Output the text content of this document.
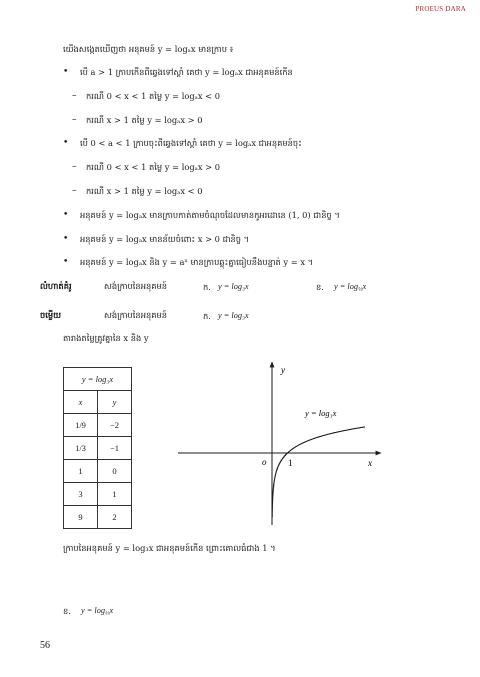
PROEUS DARA
យើងសង្កេតឃើញថា អនុគមន៍ y = logₐx មានក្រាប ៖
• បើ a > 1 ក្រាបកើនពីឆ្វេងទៅស្តាំ គេថា y = logₐx ជាអនុគមន៍កើន
– ករណី 0 < x < 1 តម្លៃ y = logₐx < 0
– ករណី x > 1 តម្លៃ y = logₐx > 0
• បើ 0 < a < 1 ក្រាបចុះពីឆ្វេងទៅស្តាំ គេថា y = logₐx ជាអនុគមន៍ចុះ
– ករណី 0 < x < 1 តម្លៃ y = logₐx > 0
– ករណី x > 1 តម្លៃ y = logₐx < 0
• អនុគមន៍ y = logₐx មានក្រាបកាត់តាមចំណុចដែលមានកូអរដោនេ (1, 0) ជានិច្ច ។
• អនុគមន៍ y = logₐx មានន័យចំពោះ x > 0 ជានិច្ច ។
• អនុគមន៍ y = logₐx និង y = aˣ មានក្រាបឆ្លុះគ្នាធៀបនឹងបន្ទាត់ y = x ។
លំហាត់គំរូ	សង់ក្រាបនៃអនុគមន៍	ក. y = log₃x	ខ. $y = \log_{\frac{1}{3}}x$
ចម្លើយ	សង់ក្រាបនៃអនុគមន៍	ក. y = log₃x
តារាងតម្លៃត្រូវគ្នានៃ x និង y
y = log₃x	
x	y
1/9	−2
1/3	−1
1	0
3	1
9	2
x
y
o 1
y = log₃x
ក្រាបនៃអនុគមន៍ y = log₃x ជាអនុគមន៍កើន ព្រោះគោលធំជាង 1 ។
ខ. $y = \log_{\frac{1}{3}}x$
56
